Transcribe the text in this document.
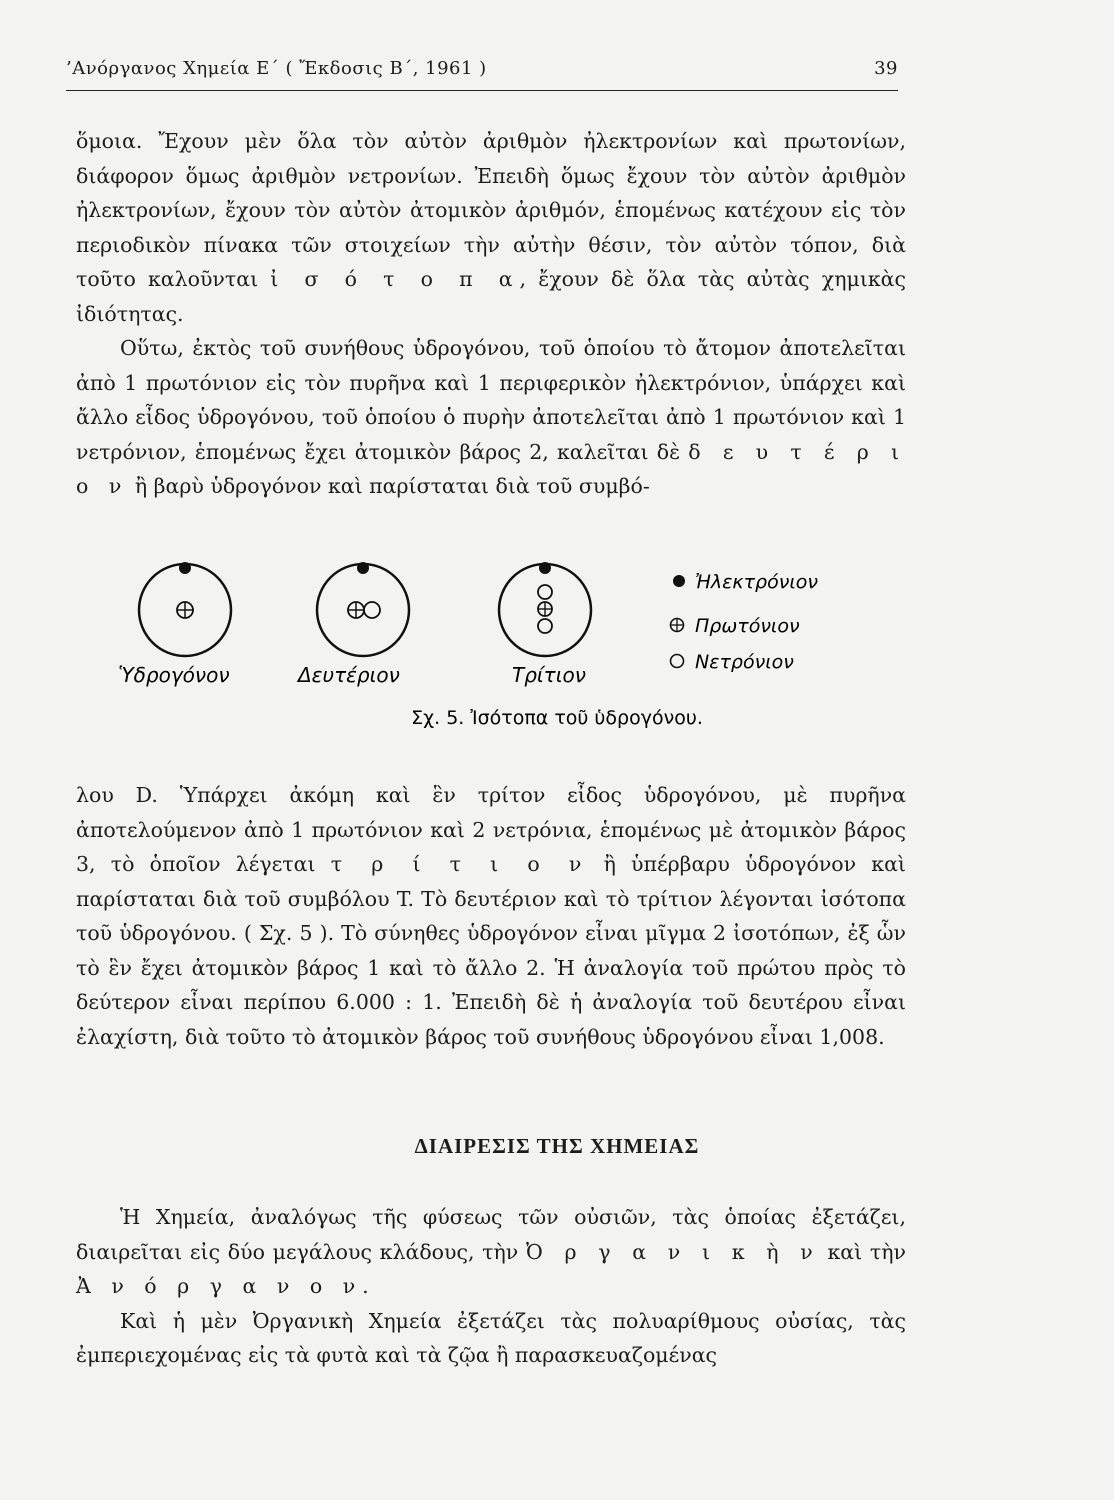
’Ανόργανος Χημεία Ε΄ ( Ἔκδοσις Β΄, 1961 )	39

ὅμοια. Ἔχουν μὲν ὅλα τὸν αὐτὸν ἀριθμὸν ἠλεκτρονίων καὶ πρωτονίων, διάφορον ὅμως ἀριθμὸν νετρονίων. Ἐπειδὴ ὅμως ἔχουν τὸν αὐτὸν ἀριθμὸν ἠλεκτρονίων, ἔχουν τὸν αὐτὸν ἀτομικὸν ἀριθμόν, ἑπομένως κατέχουν εἰς τὸν περιοδικὸν πίνακα τῶν στοιχείων τὴν αὐτὴν θέσιν, τὸν αὐτὸν τόπον, διὰ τοῦτο καλοῦνται ἰ σ ό τ ο π α, ἔχουν δὲ ὅλα τὰς αὐτὰς χημικὰς ἰδιότητας.

Οὕτω, ἐκτὸς τοῦ συνήθους ὑδρογόνου, τοῦ ὁποίου τὸ ἄτομον ἀποτελεῖται ἀπὸ 1 πρωτόνιον εἰς τὸν πυρῆνα καὶ 1 περιφερικὸν ἠλεκτρόνιον, ὑπάρχει καὶ ἄλλο εἶδος ὑδρογόνου, τοῦ ὁποίου ὁ πυρὴν ἀποτελεῖται ἀπὸ 1 πρωτόνιον καὶ 1 νετρόνιον, ἑπομένως ἔχει ἀτομικὸν βάρος 2, καλεῖται δὲ δ ε υ τ έ ρ ι ο ν ἢ βαρὺ ὑδρογόνον καὶ παρίσταται διὰ τοῦ συμβό-

Ὑδρογόνον	Δευτέριον	Τρίτιον
Ἠλεκτρόνιον
Πρωτόνιον
Νετρόνιον
Σχ. 5. Ἰσότοπα τοῦ ὑδρογόνου.

λου D. Ὑπάρχει ἀκόμη καὶ ἓν τρίτον εἶδος ὑδρογόνου, μὲ πυρῆνα ἀποτελούμενον ἀπὸ 1 πρωτόνιον καὶ 2 νετρόνια, ἑπομένως μὲ ἀτομικὸν βάρος 3, τὸ ὁποῖον λέγεται τ ρ ί τ ι ο ν ἢ ὑπέρβαρυ ὑδρογόνον καὶ παρίσταται διὰ τοῦ συμβόλου T. Τὸ δευτέριον καὶ τὸ τρίτιον λέγονται ἰσότοπα τοῦ ὑδρογόνου. ( Σχ. 5 ). Τὸ σύνηθες ὑδρογόνον εἶναι μῖγμα 2 ἰσοτόπων, ἐξ ὧν τὸ ἓν ἔχει ἀτομικὸν βάρος 1 καὶ τὸ ἄλλο 2. Ἡ ἀναλογία τοῦ πρώτου πρὸς τὸ δεύτερον εἶναι περίπου 6.000 : 1. Ἐπειδὴ δὲ ἡ ἀναλογία τοῦ δευτέρου εἶναι ἐλαχίστη, διὰ τοῦτο τὸ ἀτομικὸν βάρος τοῦ συνήθους ὑδρογόνου εἶναι 1,008.

ΔΙΑΙΡΕΣΙΣ ΤΗΣ ΧΗΜΕΙΑΣ

Ἡ Χημεία, ἀναλόγως τῆς φύσεως τῶν οὐσιῶν, τὰς ὁποίας ἐξετάζει, διαιρεῖται εἰς δύο μεγάλους κλάδους, τὴν Ὀ ρ γ α ν ι κ ὴ ν καὶ τὴν Ἀ ν ό ρ γ α ν ο ν.

Καὶ ἡ μὲν Ὀργανικὴ Χημεία ἐξετάζει τὰς πολυαρίθμους οὐσίας, τὰς ἐμπεριεχομένας εἰς τὰ φυτὰ καὶ τὰ ζῷα ἢ παρασκευαζομένας
